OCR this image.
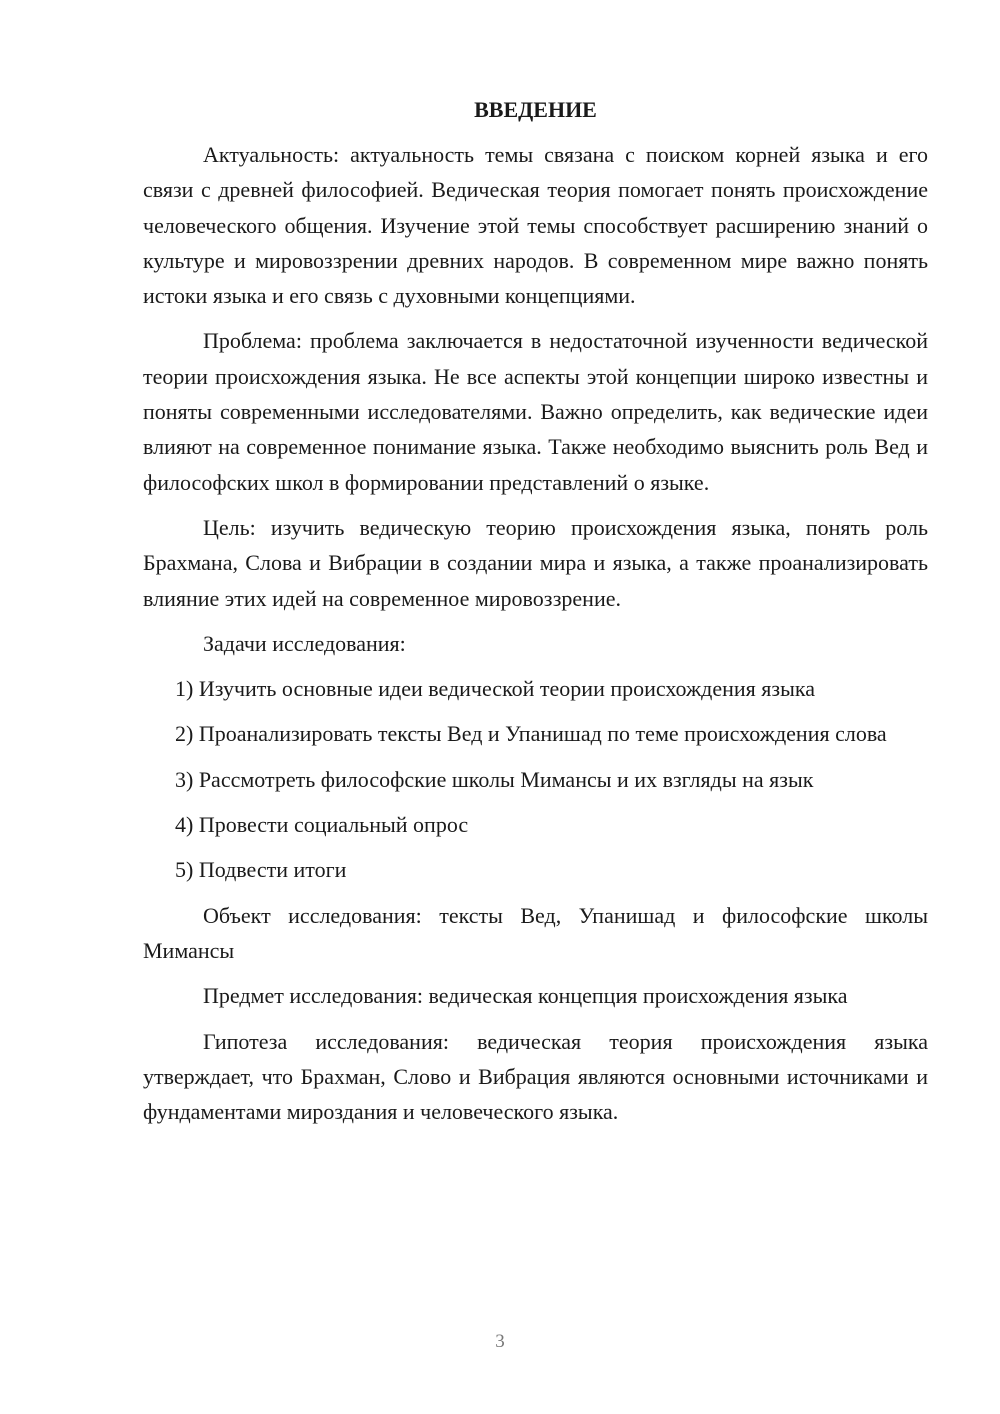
ВВЕДЕНИЕ

Актуальность: актуальность темы связана с поиском корней языка и его связи с древней философией. Ведическая теория помогает понять происхождение человеческого общения. Изучение этой темы способствует расширению знаний о культуре и мировоззрении древних народов. В современном мире важно понять истоки языка и его связь с духовными концепциями.

Проблема: проблема заключается в недостаточной изученности ведической теории происхождения языка. Не все аспекты этой концепции широко известны и поняты современными исследователями. Важно определить, как ведические идеи влияют на современное понимание языка. Также необходимо выяснить роль Вед и философских школ в формировании представлений о языке.

Цель: изучить ведическую теорию происхождения языка, понять роль Брахмана, Слова и Вибрации в создании мира и языка, а также проанализировать влияние этих идей на современное мировоззрение.

Задачи исследования:

1) Изучить основные идеи ведической теории происхождения языка

2) Проанализировать тексты Вед и Упанишад по теме происхождения слова

3) Рассмотреть философские школы Мимансы и их взгляды на язык

4) Провести социальный опрос

5) Подвести итоги

Объект исследования: тексты Вед, Упанишад и философские школы Мимансы

Предмет исследования: ведическая концепция происхождения языка

Гипотеза исследования: ведическая теория происхождения языка утверждает, что Брахман, Слово и Вибрация являются основными источниками и фундаментами мироздания и человеческого языка.

3
